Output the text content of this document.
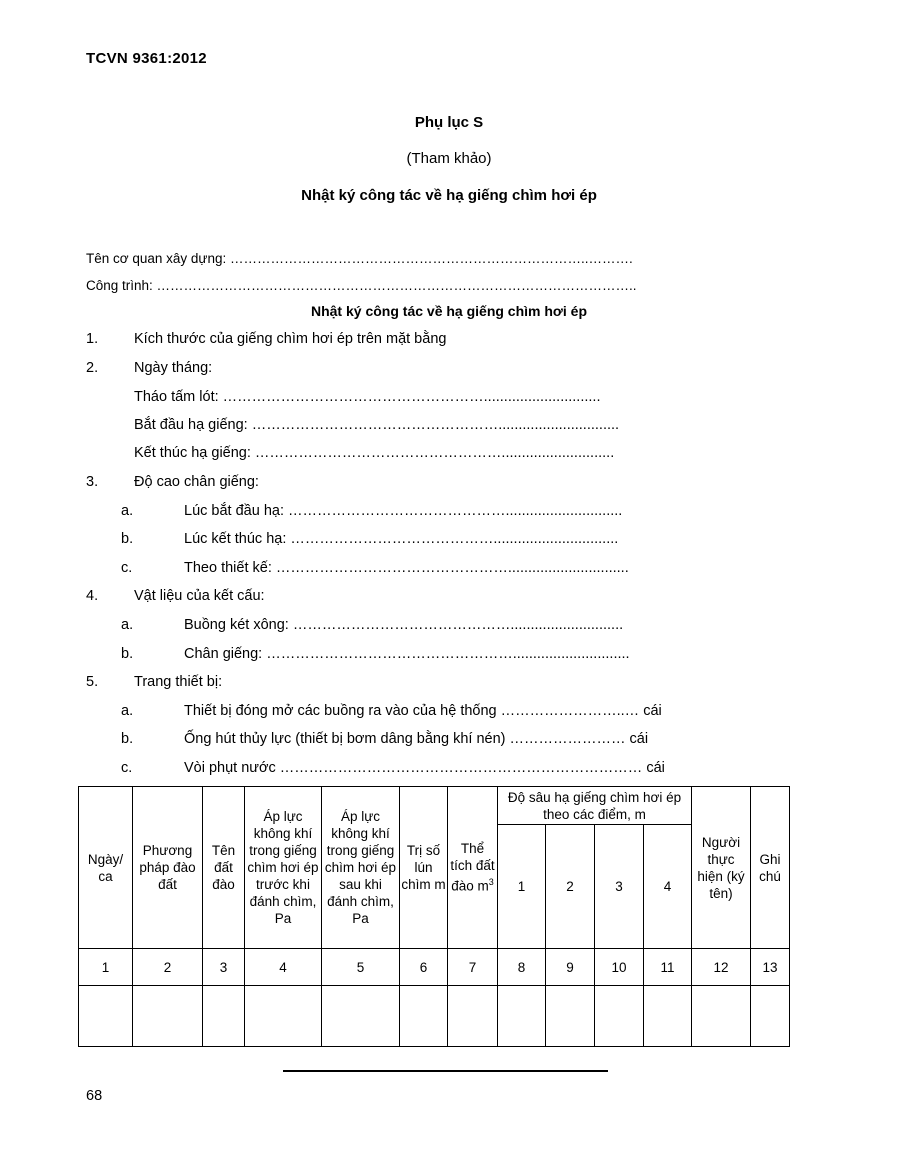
TCVN 9361:2012
Phụ lục S
(Tham khảo)
Nhật ký công tác về hạ giếng chìm hơi ép
Tên cơ quan xây dựng: ……………………………………………………………………..……….
Công trình: ……………………………………………………………………………………………..
Nhật ký công tác về hạ giếng chìm hơi ép
1. Kích thước của giếng chìm hơi ép trên mặt bằng
2. Ngày tháng:
Tháo tấm lót: ……………………………………………….............................
Bắt đầu hạ giếng: ……………………………………………..............................
Kết thúc hạ giếng: ……………………………………………............................
3. Độ cao chân giếng:
a.	Lúc bắt đầu hạ: ……………………………………….............................
b.	Lúc kết thúc hạ: ……………………………………...............................
c.	Theo thiết kế: …………………………………………..............................
4. Vật liệu của kết cấu:
a.	Buồng két xông: ………………………………………............................
b.	Chân giếng: …………………………………………….............................
5. Trang thiết bị:
a.	Thiết bị đóng mở các buồng ra vào của hệ thống ……………………..… cái
b.	Ống hút thủy lực (thiết bị bơm dâng bằng khí nén) …………………… cái
c.	Vòi phụt nước ………………………………………………………………… cái
Ngày/ ca	Phương pháp đào đất	Tên đất đào	Áp lực không khí trong giếng chìm hơi ép trước khi đánh chìm, Pa	Áp lực không khí trong giếng chìm hơi ép sau khi đánh chìm, Pa	Trị số lún chìm m	Thể tích đất đào $m^3$	Độ sâu hạ giếng chìm hơi ép theo các điểm, m				Người thực hiện (ký tên)	Ghi chú
							1	2	3	4		
1	2	3	4	5	6	7	8	9	10	11	12	13

68
